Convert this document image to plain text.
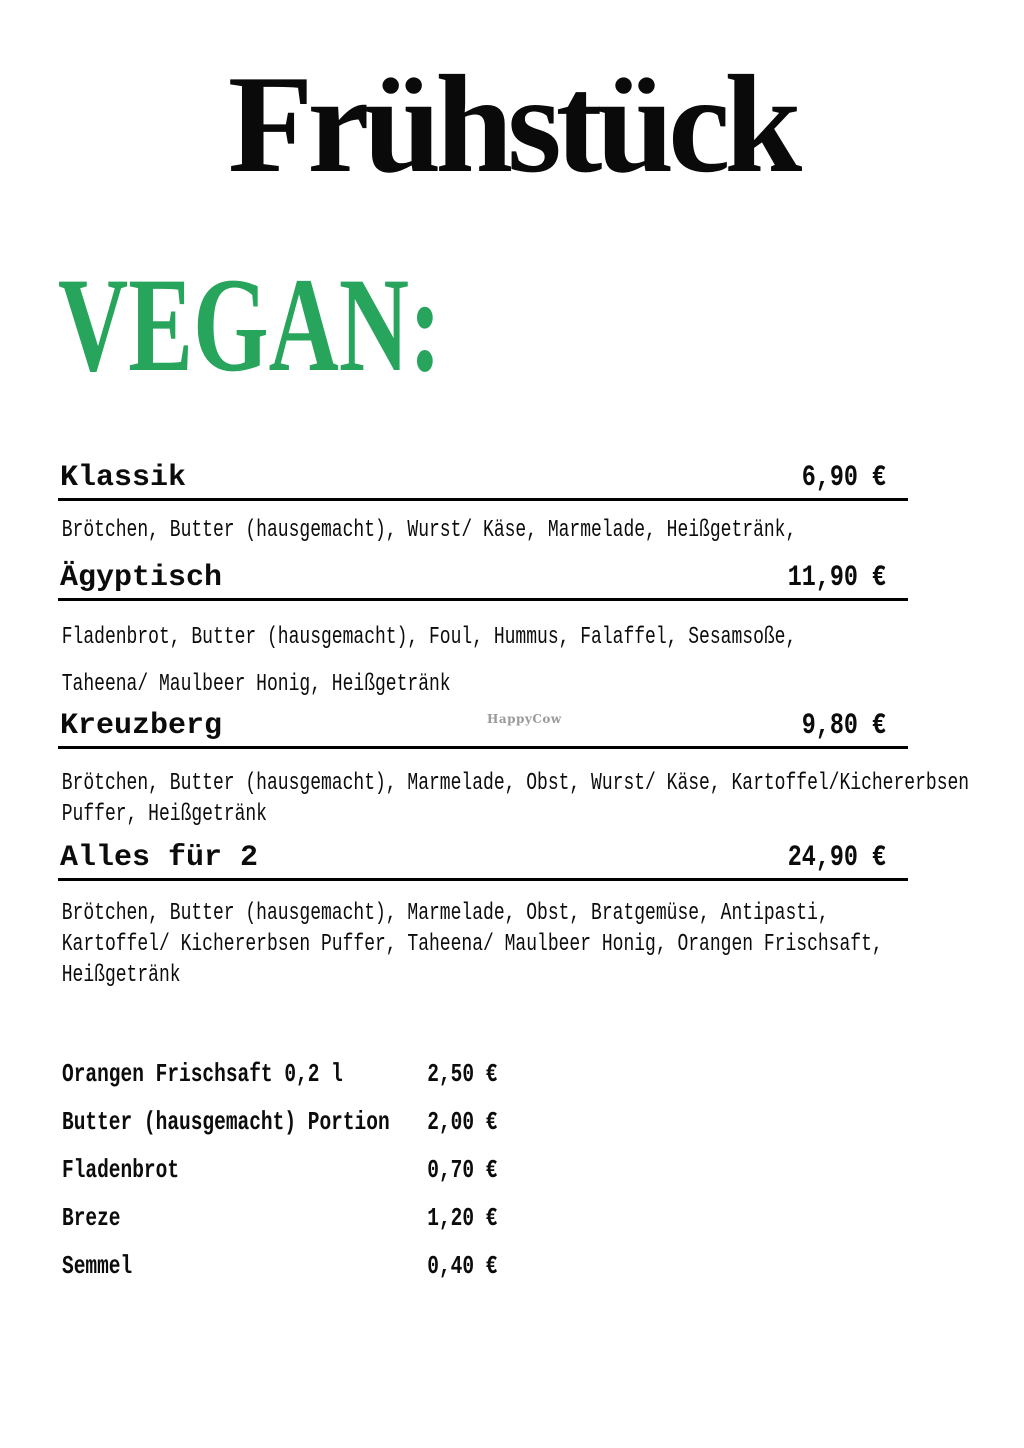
Frühstück
VEGAN:
Klassik	6,90 €
Brötchen, Butter (hausgemacht), Wurst/ Käse, Marmelade, Heißgetränk,
Ägyptisch	11,90 €
Fladenbrot, Butter (hausgemacht), Foul, Hummus, Falaffel, Sesamsoße,
Taheena/ Maulbeer Honig, Heißgetränk
HappyCow
Kreuzberg	9,80 €
Brötchen, Butter (hausgemacht), Marmelade, Obst, Wurst/ Käse, Kartoffel/Kichererbsen
Puffer, Heißgetränk
Alles für 2	24,90 €
Brötchen, Butter (hausgemacht), Marmelade, Obst, Bratgemüse, Antipasti,
Kartoffel/ Kichererbsen Puffer, Taheena/ Maulbeer Honig, Orangen Frischsaft,
Heißgetränk
Orangen Frischsaft 0,2 l	2,50 €
Butter (hausgemacht) Portion 2,00 €
Fladenbrot	0,70 €
Breze	1,20 €
Semmel	0,40 €
